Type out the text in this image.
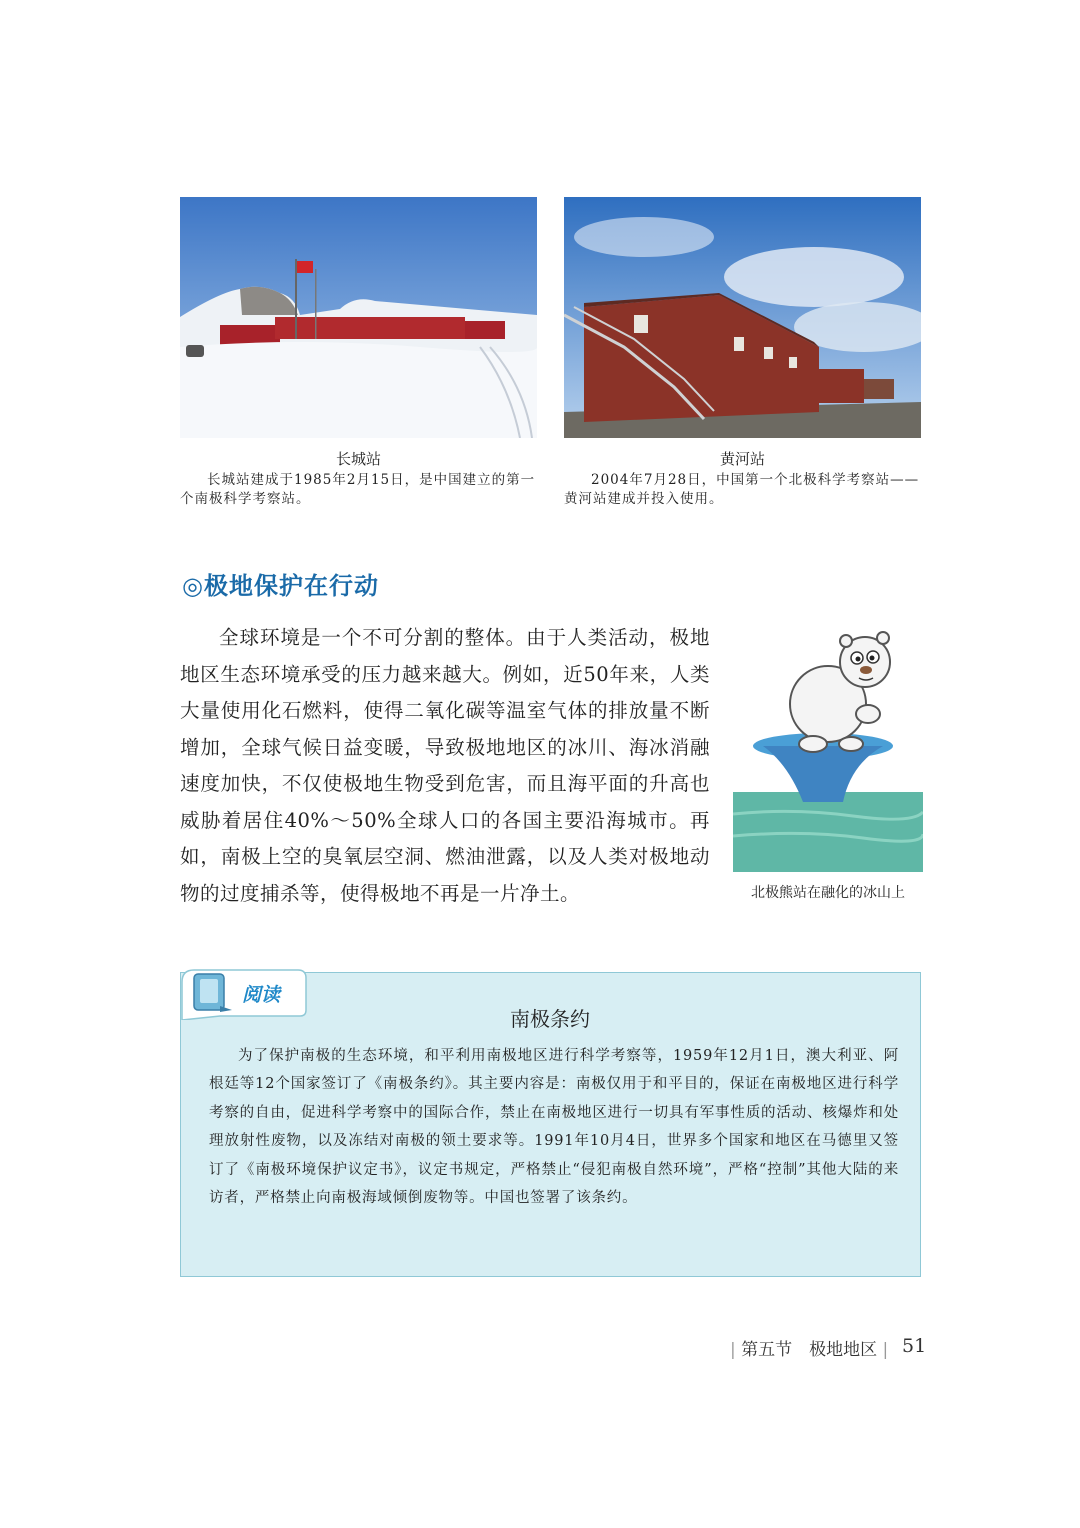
长城站
长城站建成于1985年2月15日，是中国建立的第一个南极科学考察站。
黄河站
2004年7月28日，中国第一个北极科学考察站——黄河站建成并投入使用。
◎极地保护在行动
全球环境是一个不可分割的整体。由于人类活动，极地地区生态环境承受的压力越来越大。例如，近50年来，人类大量使用化石燃料，使得二氧化碳等温室气体的排放量不断增加，全球气候日益变暖，导致极地地区的冰川、海冰消融速度加快，不仅使极地生物受到危害，而且海平面的升高也威胁着居住40%～50%全球人口的各国主要沿海城市。再如，南极上空的臭氧层空洞、燃油泄露，以及人类对极地动物的过度捕杀等，使得极地不再是一片净土。	北极熊站在融化的冰山上
阅读
南极条约
为了保护南极的生态环境，和平利用南极地区进行科学考察等，1959年12月1日，澳大利亚、阿根廷等12个国家签订了《南极条约》。其主要内容是：南极仅用于和平目的，保证在南极地区进行科学考察的自由，促进科学考察中的国际合作，禁止在南极地区进行一切具有军事性质的活动、核爆炸和处理放射性废物，以及冻结对南极的领土要求等。1991年10月4日，世界多个国家和地区在马德里又签订了《南极环境保护议定书》，议定书规定，严格禁止“侵犯南极自然环境”，严格“控制”其他大陆的来访者，严格禁止向南极海域倾倒废物等。中国也签署了该条约。
| 第五节　极地地区 | 51
